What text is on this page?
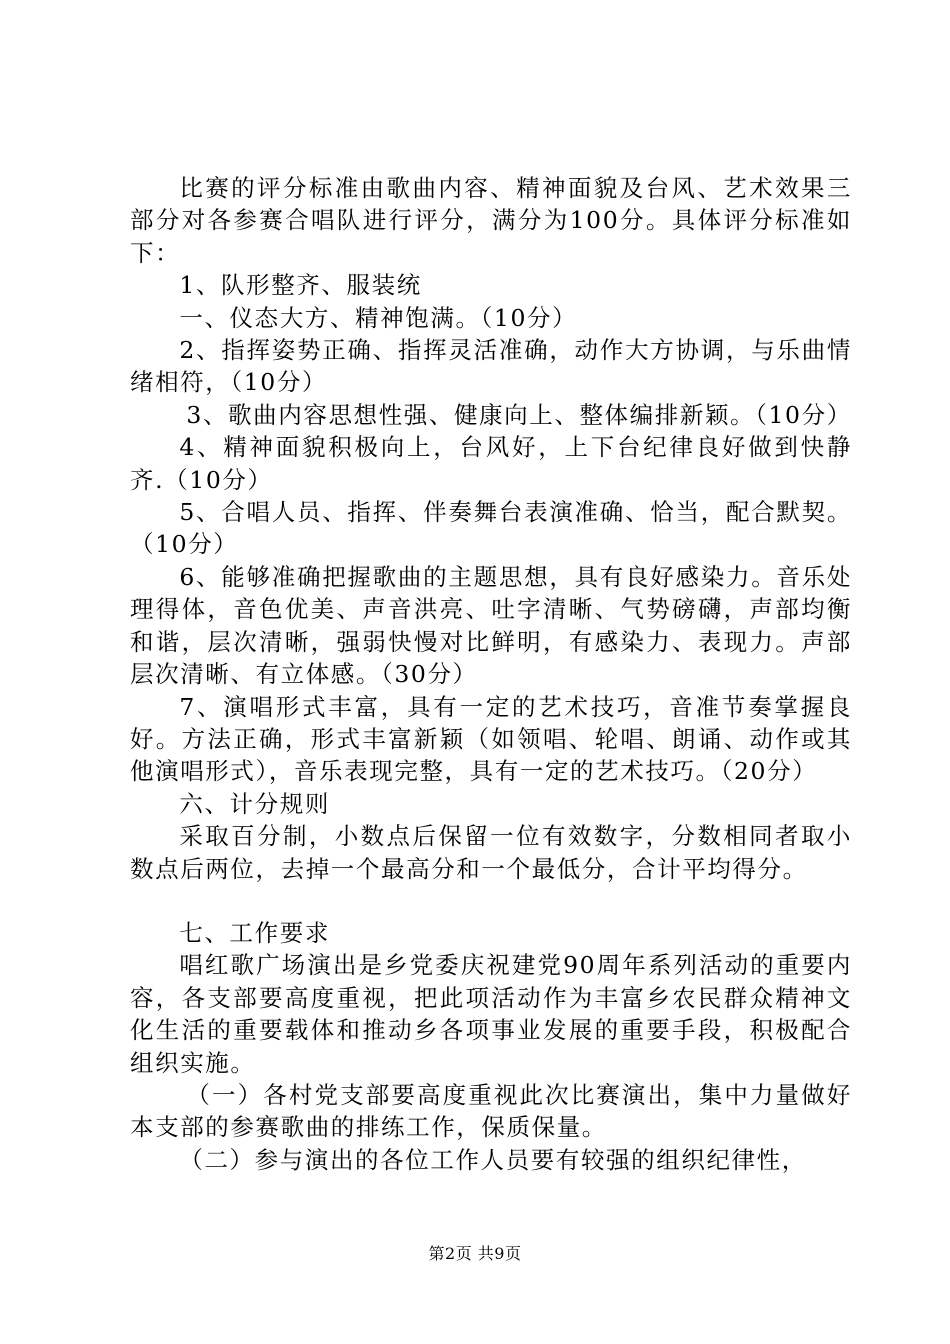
比赛的评分标准由歌曲内容、精神面貌及台风、艺术效果三部分对各参赛合唱队进行评分，满分为100分。具体评分标准如下：

1、队形整齐、服装统

一、仪态大方、精神饱满。（10分）

2、指挥姿势正确、指挥灵活准确，动作大方协调，与乐曲情绪相符，（10分）

3、歌曲内容思想性强、健康向上、整体编排新颖。（10分）

4、精神面貌积极向上，台风好，上下台纪律良好做到快静齐.（10分）

5、合唱人员、指挥、伴奏舞台表演准确、恰当，配合默契。（10分）

6、能够准确把握歌曲的主题思想，具有良好感染力。音乐处理得体，音色优美、声音洪亮、吐字清晰、气势磅礴，声部均衡和谐，层次清晰，强弱快慢对比鲜明，有感染力、表现力。声部层次清晰、有立体感。（30分）

7、演唱形式丰富，具有一定的艺术技巧，音准节奏掌握良好。方法正确，形式丰富新颖（如领唱、轮唱、朗诵、动作或其他演唱形式），音乐表现完整，具有一定的艺术技巧。（20分）

六、计分规则

采取百分制，小数点后保留一位有效数字，分数相同者取小数点后两位，去掉一个最高分和一个最低分，合计平均得分。

七、工作要求

唱红歌广场演出是乡党委庆祝建党90周年系列活动的重要内容，各支部要高度重视，把此项活动作为丰富乡农民群众精神文化生活的重要载体和推动乡各项事业发展的重要手段，积极配合组织实施。

（一）各村党支部要高度重视此次比赛演出，集中力量做好本支部的参赛歌曲的排练工作，保质保量。

（二）参与演出的各位工作人员要有较强的组织纪律性，

第2页 共9页
